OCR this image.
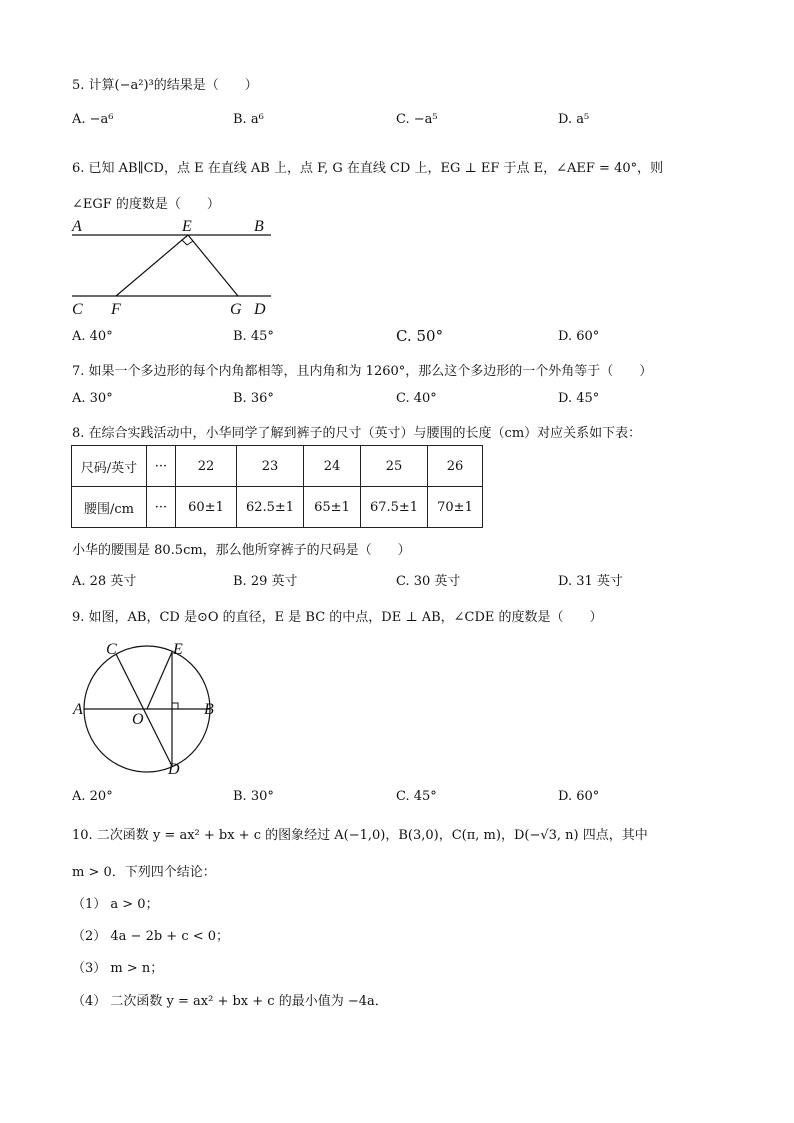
5. 计算(−a²)³的结果是（　　）
A. −a⁶	B. a⁶	C. −a⁵	D. a⁵
6. 已知 AB∥CD，点 E 在直线 AB 上，点 F, G 在直线 CD 上，EG ⊥ EF 于点 E，∠AEF = 40°，则
∠EGF 的度数是（　　）
A	E	B
C F	G D
A. 40°	B. 45°	C. 50°	D. 60°
7. 如果一个多边形的每个内角都相等，且内角和为 1260°，那么这个多边形的一个外角等于（　　）
A. 30°	B. 36°	C. 40°	D. 45°
8. 在综合实践活动中，小华同学了解到裤子的尺寸（英寸）与腰围的长度（cm）对应关系如下表：
尺码/英寸	···	22	23	24	25	26
腰围/cm	···	60±1	62.5±1	65±1	67.5±1	70±1
小华的腰围是 80.5cm，那么他所穿裤子的尺码是（　　）
A. 28 英寸	B. 29 英寸	C. 30 英寸	D. 31 英寸
9. 如图，AB，CD 是⊙O 的直径，E 是 BC 的中点，DE ⊥ AB，∠CDE 的度数是（　　）
C	E
A
O
B
D
A. 20°	B. 30°	C. 45°	D. 60°
10. 二次函数 y = ax² + bx + c 的图象经过 A(−1,0)，B(3,0)，C(π, m)，D(−√3, n) 四点，其中
m > 0．下列四个结论：
（1） a > 0；
（2） 4a − 2b + c < 0；
（3） m > n；
（4） 二次函数 y = ax² + bx + c 的最小值为 −4a．
